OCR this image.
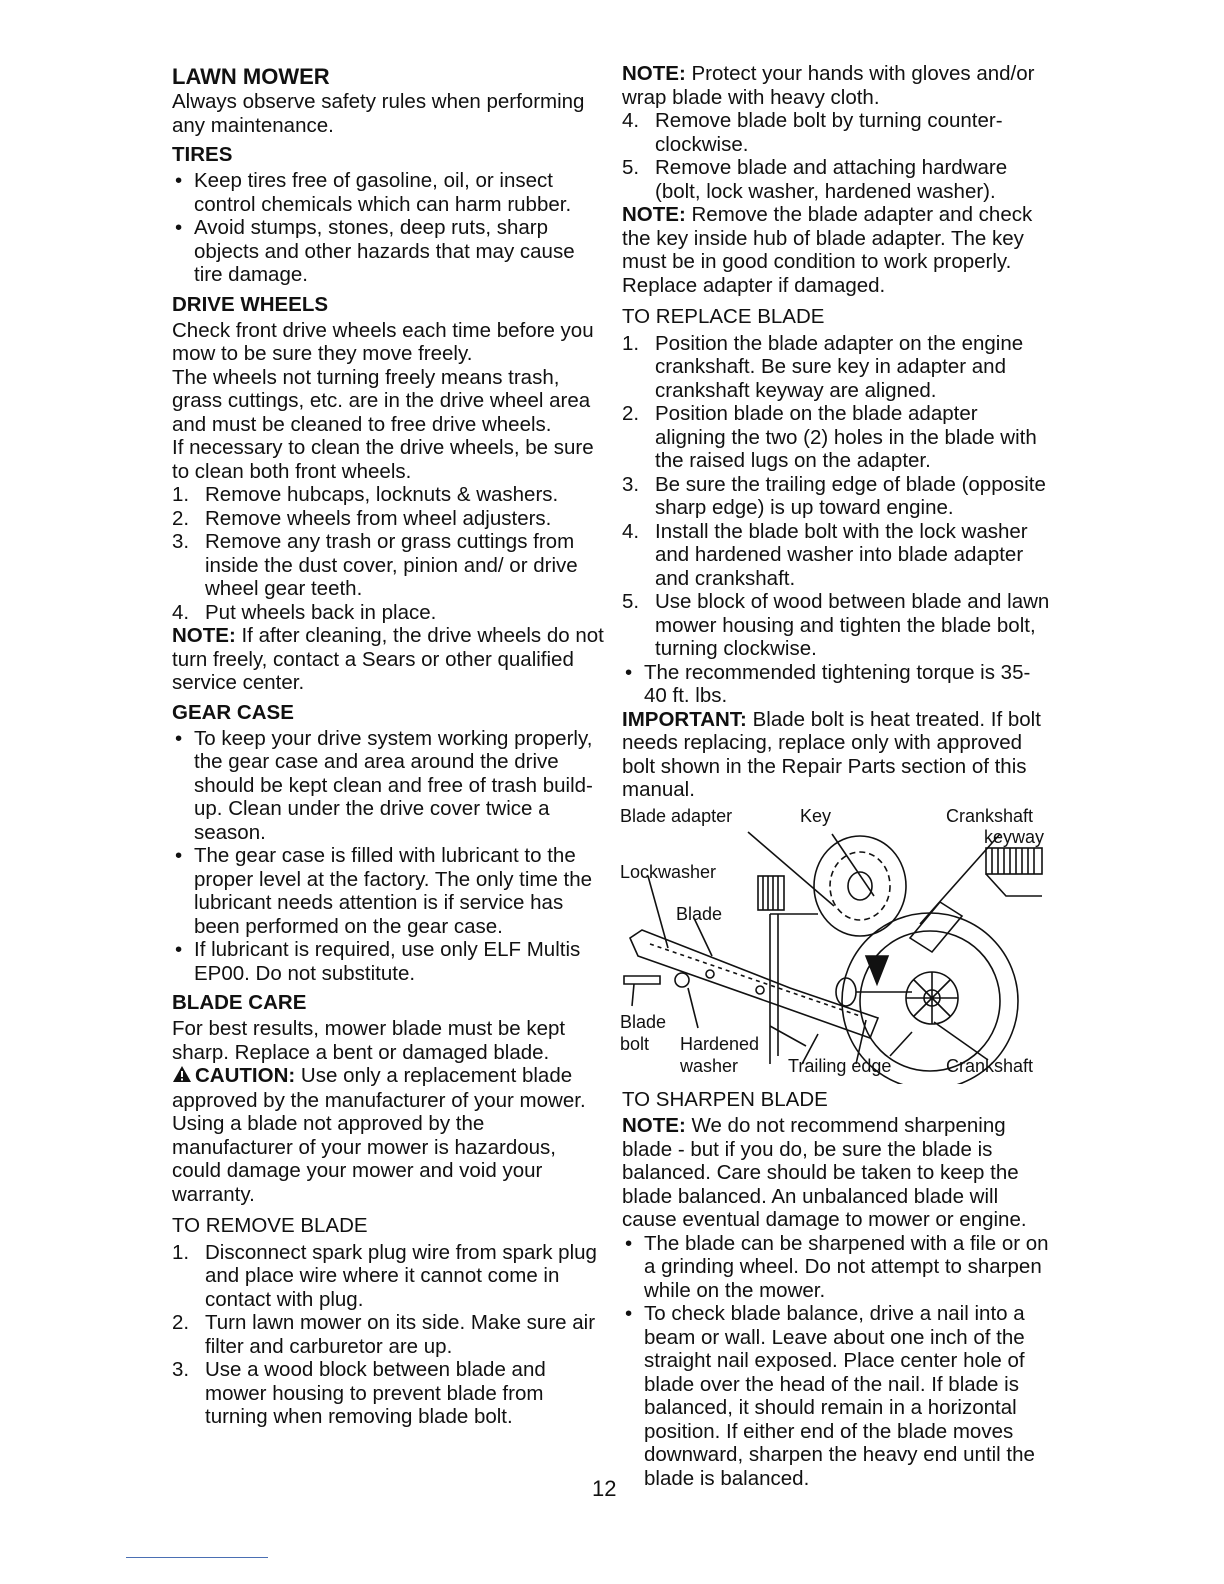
LAWN MOWER

Always observe safety rules when performing any maintenance.

TIRES
• Keep tires free of gasoline, oil, or insect control chemicals which can harm rubber.
• Avoid stumps, stones, deep ruts, sharp objects and other hazards that may cause tire damage.
DRIVE WHEELS

Check front drive wheels each time before you mow to be sure they move freely.

The wheels not turning freely means trash, grass cuttings, etc. are in the drive wheel area and must be cleaned to free drive wheels.

If necessary to clean the drive wheels, be sure to clean both front wheels.

1. Remove hubcaps, locknuts & washers.
2. Remove wheels from wheel adjusters.
3. Remove any trash or grass cuttings from inside the dust cover, pinion and/ or drive wheel gear teeth.
4. Put wheels back in place.

NOTE: If after cleaning, the drive wheels do not turn freely, contact a Sears or other qualified service center.

GEAR CASE
• To keep your drive system working properly, the gear case and area around the drive should be kept clean and free of trash build-up. Clean under the drive cover twice a season.
• The gear case is filled with lubricant to the proper level at the factory. The only time the lubricant needs attention is if service has been performed on the gear case.
• If lubricant is required, use only ELF Multis EP00. Do not substitute.
BLADE CARE

For best results, mower blade must be kept sharp. Replace a bent or damaged blade.

CAUTION: Use only a replacement blade approved by the manufacturer of your mower. Using a blade not approved by the manufacturer of your mower is hazardous, could damage your mower and void your warranty.

TO REMOVE BLADE
1. Disconnect spark plug wire from spark plug and place wire where it cannot come in contact with plug.
2. Turn lawn mower on its side. Make sure air filter and carburetor are up.
3. Use a wood block between blade and mower housing to prevent blade from turning when removing blade bolt.

NOTE: Protect your hands with gloves and/or wrap blade with heavy cloth.

4. Remove blade bolt by turning counter-clockwise.
5. Remove blade and attaching hardware (bolt, lock washer, hardened washer).

NOTE: Remove the blade adapter and check the key inside hub of blade adapter. The key must be in good condition to work properly. Replace adapter if damaged.

TO REPLACE BLADE
1. Position the blade adapter on the engine crankshaft. Be sure key in adapter and crankshaft keyway are aligned.
2. Position blade on the blade adapter aligning the two (2) holes in the blade with the raised lugs on the adapter.
3. Be sure the trailing edge of blade (opposite sharp edge) is up toward engine.
4. Install the blade bolt with the lock washer and hardened washer into blade adapter and crankshaft.
5. Use block of wood between blade and lawn mower housing and tighten the blade bolt, turning clockwise.
• The recommended tightening torque is 35-40 ft. lbs.

IMPORTANT: Blade bolt is heat treated. If bolt needs replacing, replace only with approved bolt shown in the Repair Parts section of this manual.

Blade adapter	Key	Crankshaft
keyway
Lockwasher
Blade
Blade
bolt Hardened
washer	Trailing edge	Crankshaft
TO SHARPEN BLADE

NOTE: We do not recommend sharpening blade - but if you do, be sure the blade is balanced. Care should be taken to keep the blade balanced. An unbalanced blade will cause eventual damage to mower or engine.

• The blade can be sharpened with a file or on a grinding wheel. Do not attempt to sharpen while on the mower.
• To check blade balance, drive a nail into a beam or wall. Leave about one inch of the straight nail exposed. Place center hole of blade over the head of the nail. If blade is balanced, it should remain in a horizontal position. If either end of the blade moves downward, sharpen the heavy end until the blade is balanced.
12
